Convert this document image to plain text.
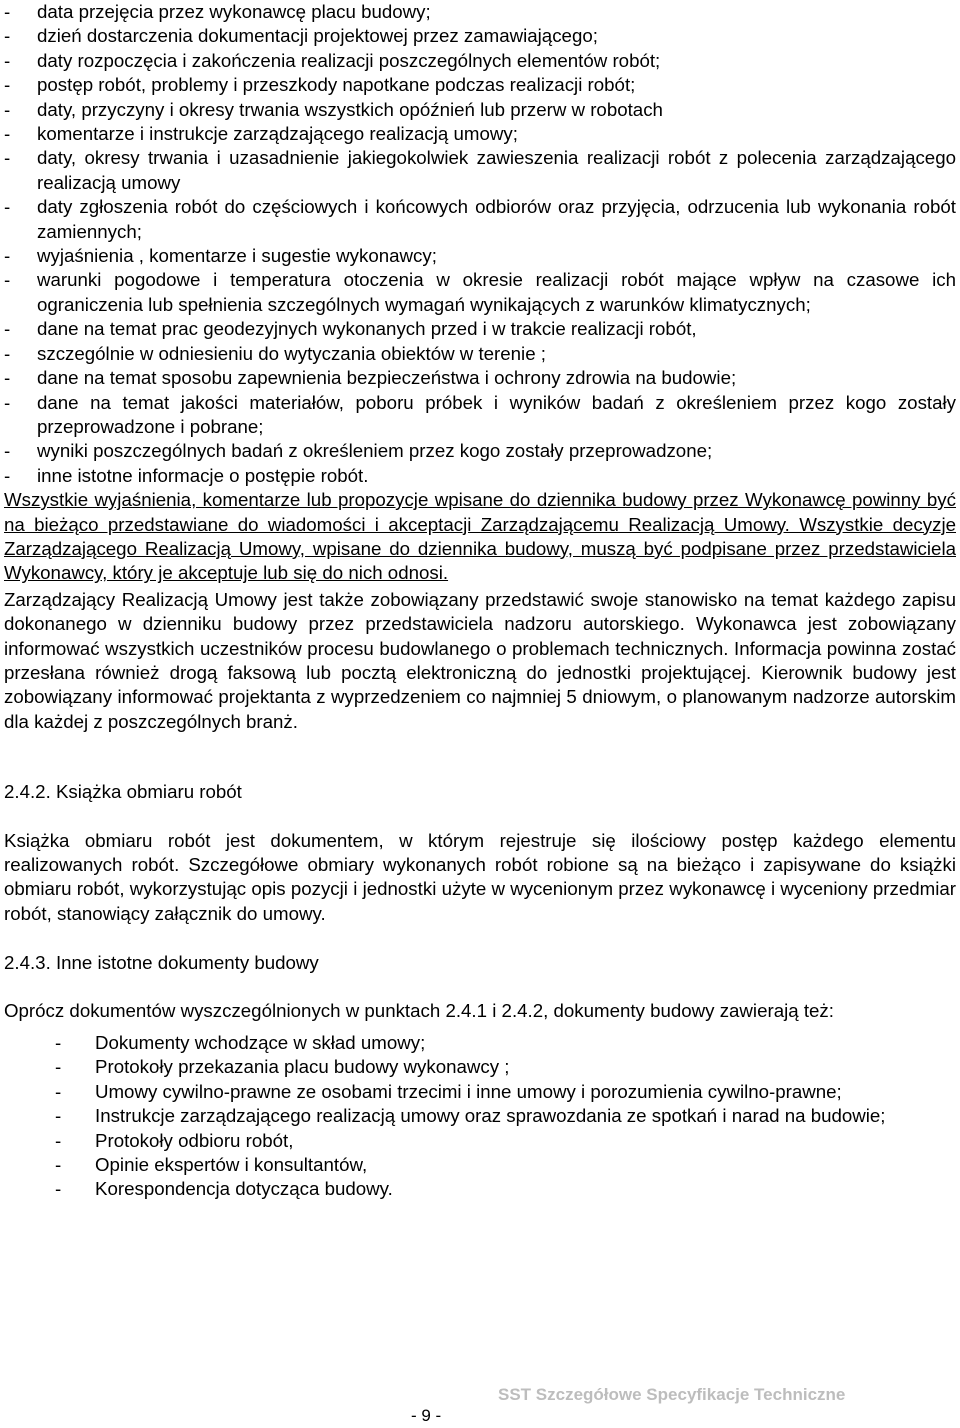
- data przejęcia przez wykonawcę placu budowy;
- dzień dostarczenia dokumentacji projektowej przez zamawiającego;
- daty rozpoczęcia i zakończenia realizacji poszczególnych elementów robót;
- postęp robót, problemy i przeszkody napotkane podczas realizacji robót;
- daty, przyczyny i okresy trwania wszystkich opóźnień lub przerw w robotach
- komentarze i instrukcje zarządzającego realizacją umowy;
- daty, okresy trwania i uzasadnienie jakiegokolwiek zawieszenia realizacji robót z polecenia zarządzającego realizacją umowy
- daty zgłoszenia robót do częściowych i końcowych odbiorów oraz przyjęcia, odrzucenia lub wykonania robót zamiennych;
- wyjaśnienia , komentarze i sugestie wykonawcy;
- warunki pogodowe i temperatura otoczenia w okresie realizacji robót mające wpływ na czasowe ich ograniczenia lub spełnienia szczególnych wymagań wynikających z warunków klimatycznych;
- dane na temat prac geodezyjnych wykonanych przed i w trakcie realizacji robót,
- szczególnie w odniesieniu do wytyczania obiektów w terenie ;
- dane na temat sposobu zapewnienia bezpieczeństwa i ochrony zdrowia na budowie;
- dane na temat jakości materiałów, poboru próbek i wyników badań z określeniem przez kogo zostały przeprowadzone i pobrane;
- wyniki poszczególnych badań z określeniem przez kogo zostały przeprowadzone;
- inne istotne informacje o postępie robót.

Wszystkie wyjaśnienia, komentarze lub propozycje wpisane do dziennika budowy przez Wykonawcę powinny być na bieżąco przedstawiane do wiadomości i akceptacji Zarządzającemu Realizacją Umowy. Wszystkie decyzje Zarządzającego Realizacją Umowy, wpisane do dziennika budowy, muszą być podpisane przez przedstawiciela Wykonawcy, który je akceptuje lub się do nich odnosi.

Zarządzający Realizacją Umowy jest także zobowiązany przedstawić swoje stanowisko na temat każdego zapisu dokonanego w dzienniku budowy przez przedstawiciela nadzoru autorskiego. Wykonawca jest zobowiązany informować wszystkich uczestników procesu budowlanego o problemach technicznych. Informacja powinna zostać przesłana również drogą faksową lub pocztą elektroniczną do jednostki projektującej. Kierownik budowy jest zobowiązany informować projektanta z wyprzedzeniem co najmniej 5 dniowym, o planowanym nadzorze autorskim dla każdej z poszczególnych branż.

2.4.2. Książka obmiaru robót

Książka obmiaru robót jest dokumentem, w którym rejestruje się ilościowy postęp każdego elementu realizowanych robót. Szczegółowe obmiary wykonanych robót robione są na bieżąco i zapisywane do książki obmiaru robót, wykorzystując opis pozycji i jednostki użyte w wycenionym przez wykonawcę i wyceniony przedmiar robót, stanowiący załącznik do umowy.

2.4.3. Inne istotne dokumenty budowy

Oprócz dokumentów wyszczególnionych w punktach 2.4.1 i 2.4.2, dokumenty budowy zawierają też:

- Dokumenty wchodzące w skład umowy;
- Protokoły przekazania placu budowy wykonawcy ;
- Umowy cywilno-prawne ze osobami trzecimi i inne umowy i porozumienia cywilno-prawne;
- Instrukcje zarządzającego realizacją umowy oraz sprawozdania ze spotkań i narad na budowie;
- Protokoły odbioru robót,
- Opinie ekspertów i konsultantów,
- Korespondencja dotycząca budowy.
SST Szczegółowe Specyfikacje Techniczne
- 9 -
